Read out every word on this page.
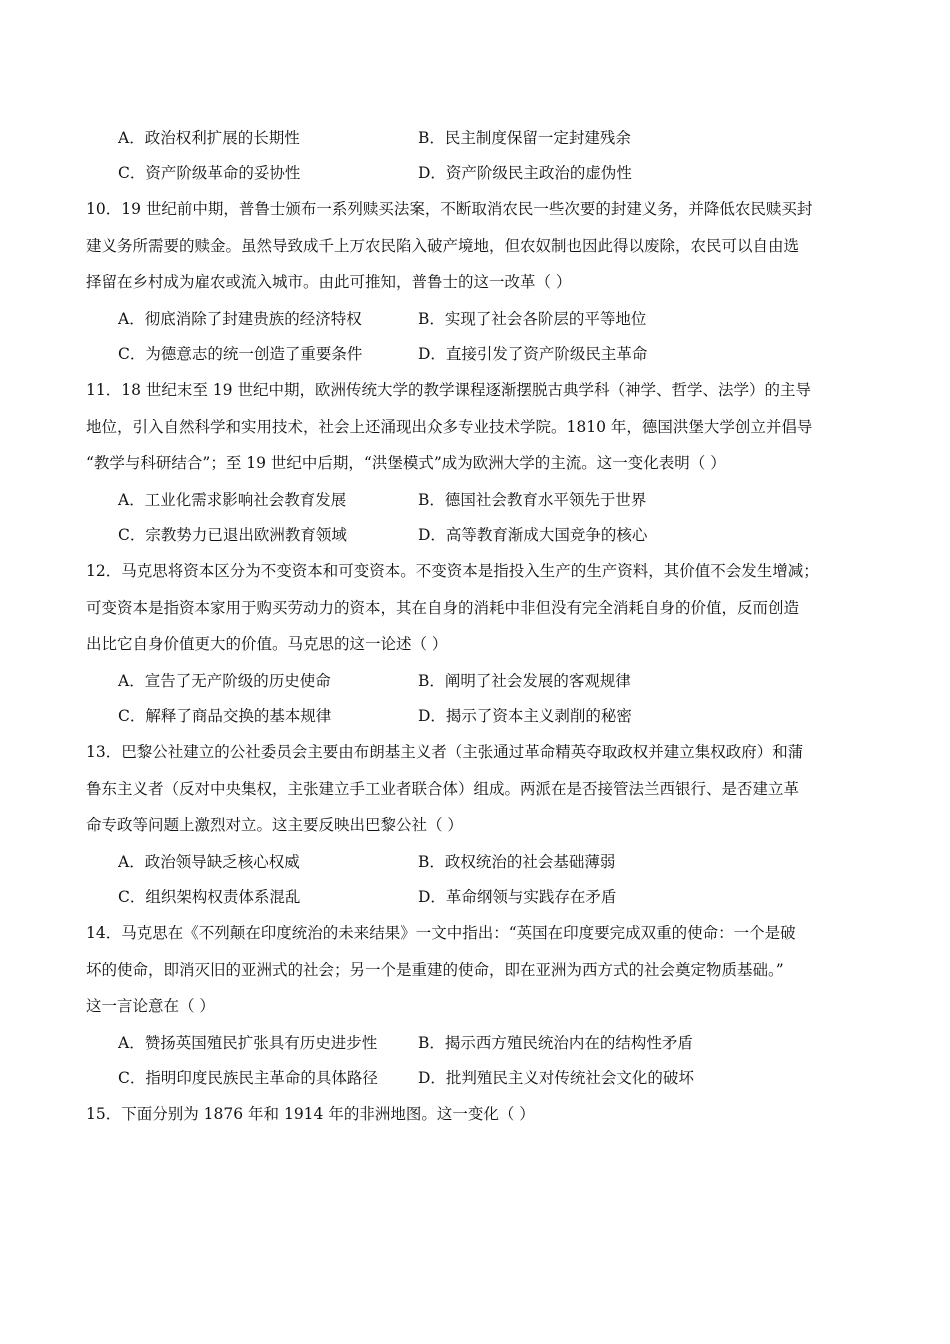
A．政治权利扩展的长期性	B．民主制度保留一定封建残余
C．资产阶级革命的妥协性	D．资产阶级民主政治的虚伪性
10．19 世纪前中期，普鲁士颁布一系列赎买法案，不断取消农民一些次要的封建义务，并降低农民赎买封
建义务所需要的赎金。虽然导致成千上万农民陷入破产境地，但农奴制也因此得以废除，农民可以自由选
择留在乡村成为雇农或流入城市。由此可推知，普鲁士的这一改革（ ）
A．彻底消除了封建贵族的经济特权	B．实现了社会各阶层的平等地位
C．为德意志的统一创造了重要条件	D．直接引发了资产阶级民主革命
11．18 世纪末至 19 世纪中期，欧洲传统大学的教学课程逐渐摆脱古典学科（神学、哲学、法学）的主导
地位，引入自然科学和实用技术，社会上还涌现出众多专业技术学院。1810 年，德国洪堡大学创立并倡导
“教学与科研结合”；至 19 世纪中后期，“洪堡模式”成为欧洲大学的主流。这一变化表明（ ）
A．工业化需求影响社会教育发展	B．德国社会教育水平领先于世界
C．宗教势力已退出欧洲教育领域	D．高等教育渐成大国竞争的核心
12．马克思将资本区分为不变资本和可变资本。不变资本是指投入生产的生产资料，其价值不会发生增减；
可变资本是指资本家用于购买劳动力的资本，其在自身的消耗中非但没有完全消耗自身的价值，反而创造
出比它自身价值更大的价值。马克思的这一论述（ ）
A．宣告了无产阶级的历史使命	B．阐明了社会发展的客观规律
C．解释了商品交换的基本规律	D．揭示了资本主义剥削的秘密
13．巴黎公社建立的公社委员会主要由布朗基主义者（主张通过革命精英夺取政权并建立集权政府）和蒲
鲁东主义者（反对中央集权，主张建立手工业者联合体）组成。两派在是否接管法兰西银行、是否建立革
命专政等问题上激烈对立。这主要反映出巴黎公社（ ）
A．政治领导缺乏核心权威	B．政权统治的社会基础薄弱
C．组织架构权责体系混乱	D．革命纲领与实践存在矛盾
14．马克思在《不列颠在印度统治的未来结果》一文中指出：“英国在印度要完成双重的使命：一个是破
坏的使命，即消灭旧的亚洲式的社会；另一个是重建的使命，即在亚洲为西方式的社会奠定物质基础。”
这一言论意在（ ）
A．赞扬英国殖民扩张具有历史进步性	B．揭示西方殖民统治内在的结构性矛盾
C．指明印度民族民主革命的具体路径	D．批判殖民主义对传统社会文化的破坏
15．下面分别为 1876 年和 1914 年的非洲地图。这一变化（ ）
